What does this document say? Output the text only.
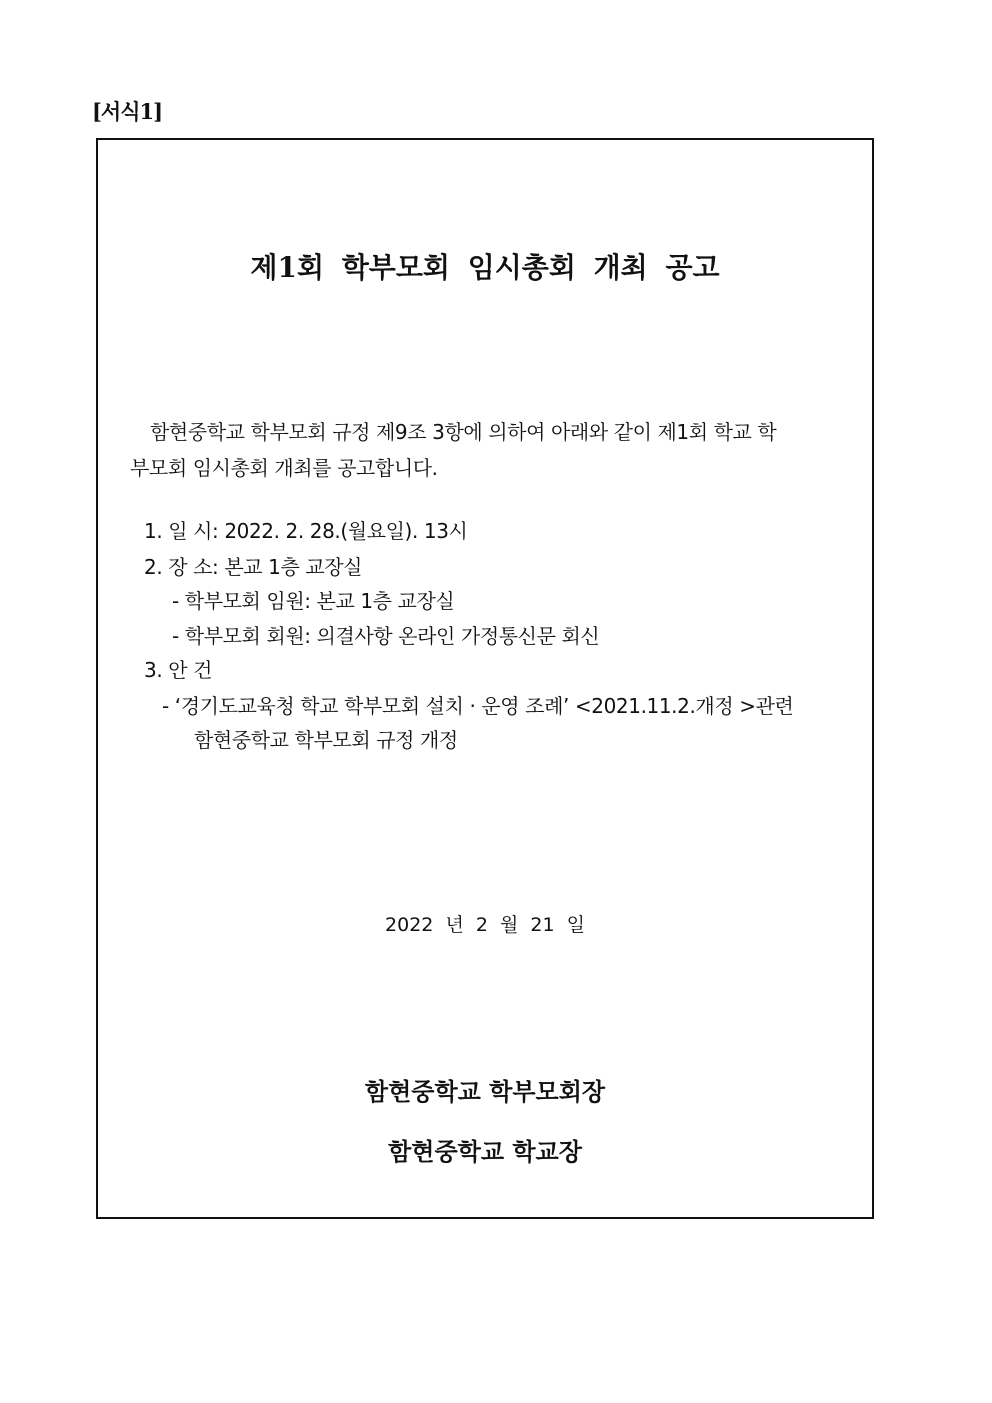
[서식1]
제1회 학부모회 임시총회 개최 공고
함현중학교 학부모회 규정 제9조 3항에 의하여 아래와 같이 제1회 학교 학
부모회 임시총회 개최를 공고합니다.
1. 일 시: 2022. 2. 28.(월요일). 13시
2. 장 소: 본교 1층 교장실
- 학부모회 임원: 본교 1층 교장실
- 학부모회 회원: 의결사항 온라인 가정통신문 회신
3. 안 건
- ‘경기도교육청 학교 학부모회 설치 · 운영 조례’ <2021.11.2.개정 >관련
함현중학교 학부모회 규정 개정
2022 년 2 월 21 일
함현중학교 학부모회장
함현중학교 학교장
